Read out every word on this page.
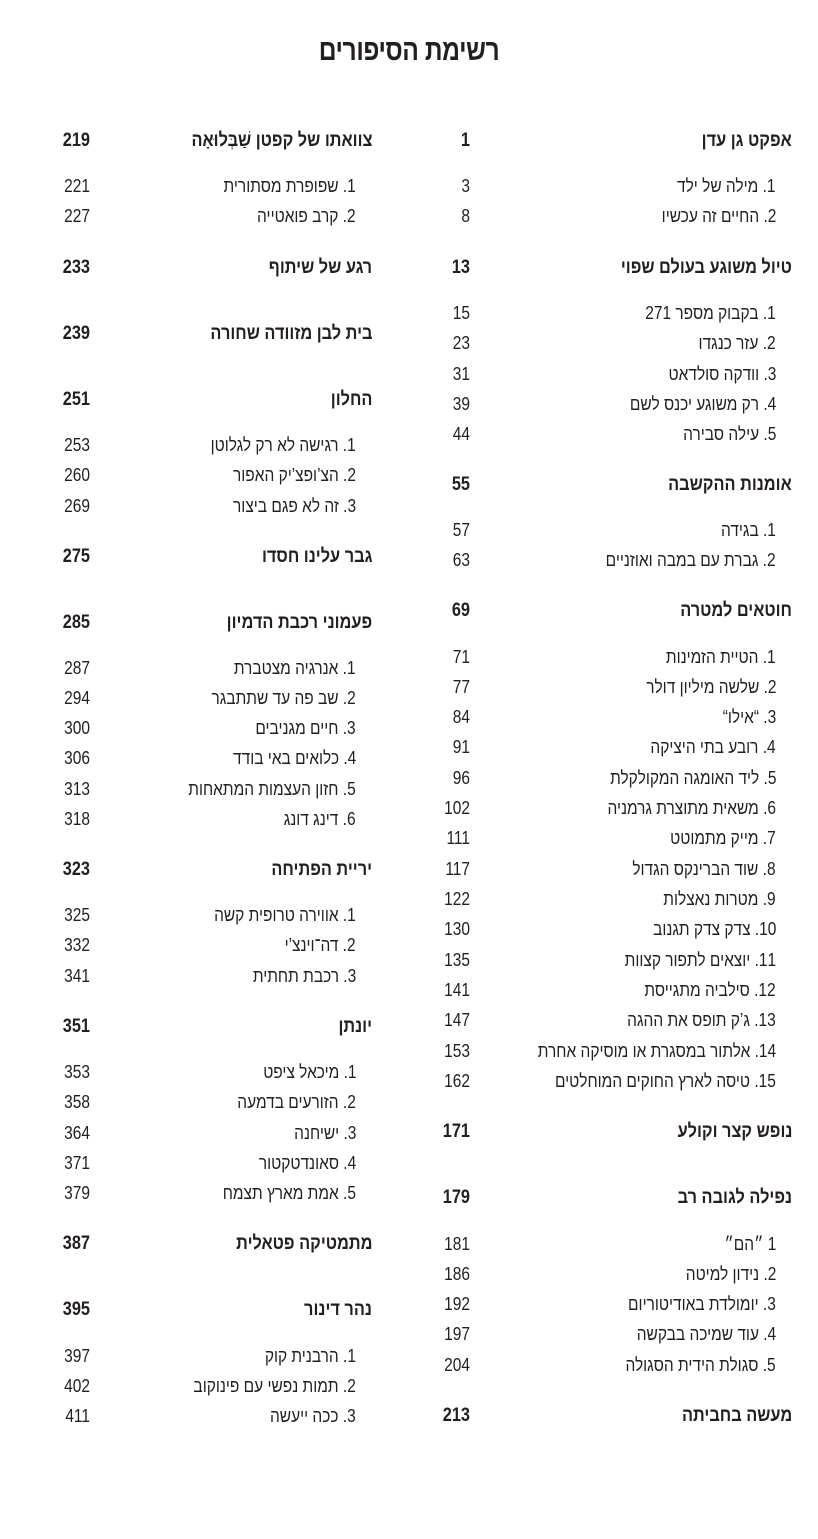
רשימת הסיפורים
אפקט גן עדן
1
1. מילה של ילד
3
2. החיים זה עכשיו
8
טיול משוגע בעולם שפוי
13
1. בקבוק מספר 271
15
2. עזר כנגדו
23
3. וודקה סולדאט
31
4. רק משוגע יכנס לשם
39
5. עילה סבירה
44
אומנות ההקשבה
55
1. בגידה
57
2. גברת עם במבה ואוזניים
63
חוטאים למטרה
69
1. הטיית הזמינות
71
2. שלשה מיליון דולר
77
3. “אילו“
84
4. רובע בתי היציקה
91
5. ליד האומגה המקולקלת
96
6. משאית מתוצרת גרמניה
102
7. מייק מתמוטט
111
8. שוד הברינקס הגדול
117
9. מטרות נאצלות
122
10. צדק צדק תגנוב
130
11. יוצאים לתפור קצוות
135
12. סילביה מתגייסת
141
13. ג’ק תופס את ההגה
147
14. אלתור במסגרת או מוסיקה אחרת
153
15. טיסה לארץ החוקים המוחלטים
162
נופש קצר וקולע
171
נפילה לגובה רב
179
1 ״הם״
181
2. נידון למיטה
186
3. יומולדת באודיטוריום
192
4. עוד שמיכה בבקשה
197
5. סגולת הידית הסגולה
204
מעשה בחביתה
213
צוואתו של קפטן שַׁבְּלוּאָה
219
1. שפופרת מסתורית
221
2. קרב פואטייה
227
רגע של שיתוף
233
בית לבן מזוודה שחורה
239
החלון
251
1. רגישה לא רק לגלוטן
253
2. הצ’ופצ’יק האפור
260
3. זה לא פגם ביצור
269
גבר עלינו חסדו
275
פעמוני רכבת הדמיון
285
1. אנרגיה מצטברת
287
2. שב פה עד שתתבגר
294
3. חיים מגניבים
300
4. כלואים באי בודד
306
5. חזון העצמות המתאחות
313
6. דינג דונג
318
יריית הפתיחה
323
1. אווירה טרופית קשה
325
2. דה־וינצ’י
332
3. רכבת תחתית
341
יונתן
351
1. מיכאל ציפט
353
2. הזורעים בדמעה
358
3. ישיחנה
364
4. סאונדטקטור
371
5. אמת מארץ תצמח
379
מתמטיקה פטאלית
387
נהר דינור
395
1. הרבנית קוק
397
2. תמות נפשי עם פינוקוב
402
3. ככה ייעשה
411
